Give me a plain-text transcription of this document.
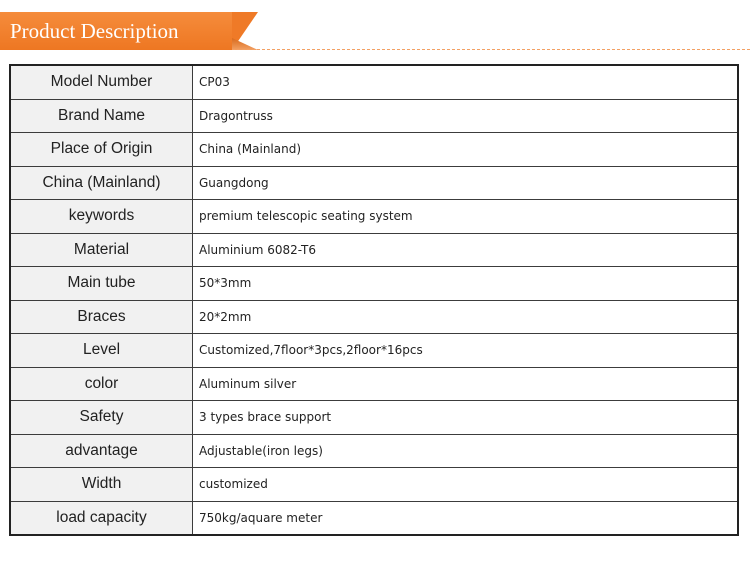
Product Description
Model Number	CP03
Brand Name	Dragontruss
Place of Origin	China (Mainland)
China (Mainland)	Guangdong
keywords	premium telescopic seating system
Material	Aluminium 6082-T6
Main tube	50*3mm
Braces	20*2mm
Level	Customized,7floor*3pcs,2floor*16pcs
color	Aluminum silver
Safety	3 types brace support
advantage	Adjustable(iron legs)
Width	customized
load capacity	750kg/aquare meter
